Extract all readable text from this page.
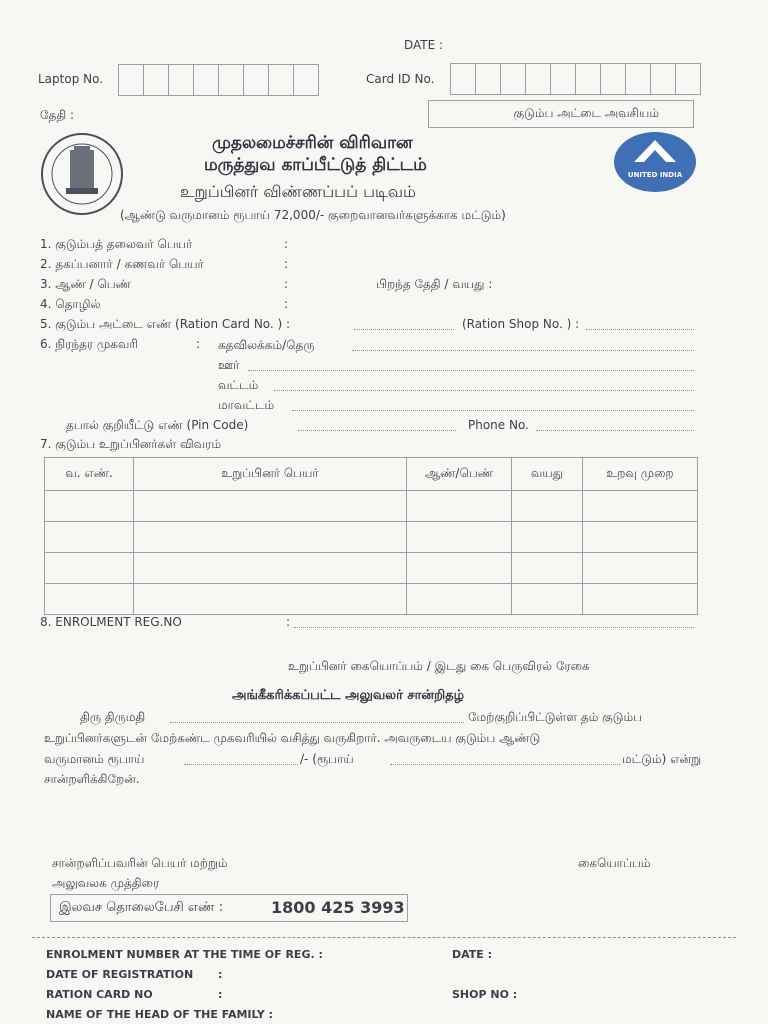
DATE :
Laptop No.	Card ID No.
தேதி :	குடும்ப அட்டை அவசியம்
UNITED INDIA
முதலமைச்சரின் விரிவான
மருத்துவ காப்பீட்டுத் திட்டம்
உறுப்பினர் விண்ணப்பப் படிவம்
(ஆண்டு வருமானம் ரூபாய் 72,000/- குறைவானவர்களுக்காக மட்டும்)
1. குடும்பத் தலைவர் பெயர்	:
2. தகப்பனார் / கணவர் பெயர்	:
3. ஆண் / பெண்	:	பிறந்த தேதி / வயது :
4. தொழில்	:
5. குடும்ப அட்டை எண் (Ration Card No. ) :	(Ration Shop No. ) :
6. நிரந்தர முகவரி	: கதவிலக்கம்/தெரு
ஊர்
வட்டம்
மாவட்டம்
தபால் குறியீட்டு எண் (Pin Code)	Phone No.
7. குடும்ப உறுப்பினர்கள் விவரம்
வ. எண்.	உறுப்பினர் பெயர்	ஆண்/பெண்	வயது	உறவு முறை

8. ENROLMENT REG.NO	:
உறுப்பினர் கையொப்பம் / இடது கை பெருவிரல் ரேகை
அங்கீகரிக்கப்பட்ட அலுவலர் சான்றிதழ்
திரு திருமதி	மேற்குறிப்பிட்டுள்ள தம் குடும்ப
உறுப்பினர்களுடன் மேற்கண்ட முகவரியில் வசித்து வருகிறார். அவருடைய குடும்ப ஆண்டு
வருமானம் ரூபாய்	/- (ரூபாய்	மட்டும்) என்று
சான்றளிக்கிறேன்.
சான்றளிப்பவரின் பெயர் மற்றும்
அலுவலக முத்திரை
கையொப்பம்
இலவச தொலைபேசி எண் :	1800 425 3993
ENROLMENT NUMBER AT THE TIME OF REG. :	DATE :
DATE OF REGISTRATION :
RATION CARD NO	:	SHOP NO :
NAME OF THE HEAD OF THE FAMILY :
